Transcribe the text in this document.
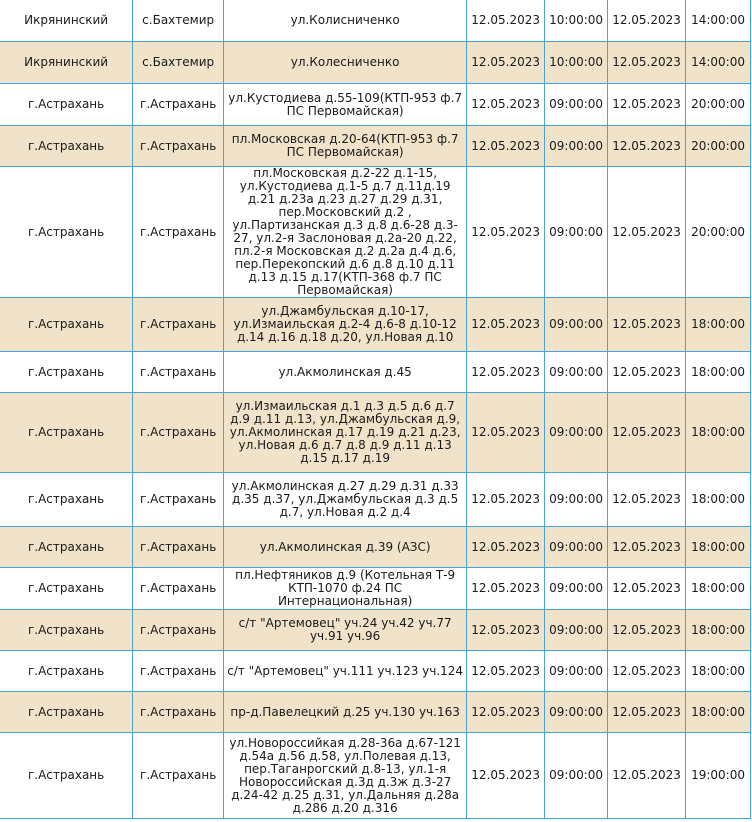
Икрянинский	с.Бахтемир	ул.Колисниченко	12.05.2023	10:00:00	12.05.2023	14:00:00
Икрянинский	с.Бахтемир	ул.Колесниченко	12.05.2023	10:00:00	12.05.2023	14:00:00
г.Астрахань	г.Астрахань	ул.Кустодиева д.55-109(КТП-953 ф.7 ПС Первомайская)	12.05.2023	09:00:00	12.05.2023	20:00:00
г.Астрахань	г.Астрахань	пл.Московская д.20-64(КТП-953 ф.7 ПС Первомайская)	12.05.2023	09:00:00	12.05.2023	20:00:00
г.Астрахань	г.Астрахань	пл.Московская д.2-22 д.1-15, ул.Кустодиева д.1-5 д.7 д.11д.19 д.21 д.23а д.23 д.27 д.29 д.31, пер.Московский д.2 , ул.Партизанская д.3 д.8 д.6-28 д.3-27, ул.2-я Заслоновая д.2а-20 д.22, пл.2-я Московская д.2 д.2а д.4 д.6, пер.Перекопский д.6 д.8 д.10 д.11 д.13 д.15 д.17(КТП-368 ф.7 ПС Первомайская)	12.05.2023	09:00:00	12.05.2023	20:00:00
г.Астрахань	г.Астрахань	ул.Джамбульская д.10-17, ул.Измаильская д.2-4 д.6-8 д.10-12 д.14 д.16 д.18 д.20, ул.Новая д.10	12.05.2023	09:00:00	12.05.2023	18:00:00
г.Астрахань	г.Астрахань	ул.Акмолинская д.45	12.05.2023	09:00:00	12.05.2023	18:00:00
г.Астрахань	г.Астрахань	ул.Измаильская д.1 д.3 д.5 д.6 д.7 д.9 д.11 д.13, ул.Джамбульская д.9, ул.Акмолинская д.17 д.19 д.21 д.23, ул.Новая д.6 д.7 д.8 д.9 д.11 д.13 д.15 д.17 д.19	12.05.2023	09:00:00	12.05.2023	18:00:00
г.Астрахань	г.Астрахань	ул.Акмолинская д.27 д.29 д.31 д.33 д.35 д.37, ул.Джамбульская д.3 д.5 д.7, ул.Новая д.2 д.4	12.05.2023	09:00:00	12.05.2023	18:00:00
г.Астрахань	г.Астрахань	ул.Акмолинская д.39 (АЗС)	12.05.2023	09:00:00	12.05.2023	18:00:00
г.Астрахань	г.Астрахань	пл.Нефтяников д.9 (Котельная Т-9 КТП-1070 ф.24 ПС Интернациональная)	12.05.2023	09:00:00	12.05.2023	18:00:00
г.Астрахань	г.Астрахань	с/т "Артемовец" уч.24 уч.42 уч.77 уч.91 уч.96	12.05.2023	09:00:00	12.05.2023	18:00:00
г.Астрахань	г.Астрахань	с/т "Артемовец" уч.111 уч.123 уч.124	12.05.2023	09:00:00	12.05.2023	18:00:00
г.Астрахань	г.Астрахань	пр-д.Павелецкий д.25 уч.130 уч.163	12.05.2023	09:00:00	12.05.2023	18:00:00
г.Астрахань	г.Астрахань	ул.Новороссийкая д.28-36а д.67-121 д.54а д.56 д.58, ул.Полевая д.13, пер.Таганрогский д.8-13, ул.1-я Новороссийская д.3д д.3ж д.3-27 д.24-42 д.25 д.31, ул.Дальняя д.28а д.286 д.20 д.316	12.05.2023	09:00:00	12.05.2023	19:00:00
